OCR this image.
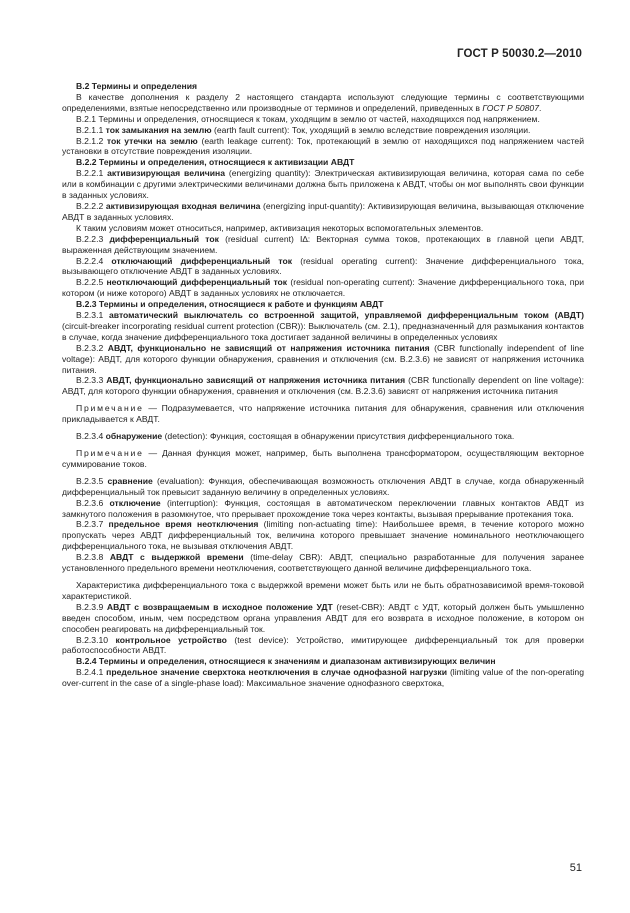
ГОСТ Р 50030.2—2010

B.2 Термины и определения

В качестве дополнения к разделу 2 настоящего стандарта используют следующие термины с соответствующими определениями, взятые непосредственно или производные от терминов и определений, приведенных в ГОСТ Р 50807.

B.2.1 Термины и определения, относящиеся к токам, уходящим в землю от частей, находящихся под напряжением.

B.2.1.1 ток замыкания на землю (earth fault current): Ток, уходящий в землю вследствие повреждения изоляции.

B.2.1.2 ток утечки на землю (earth leakage current): Ток, протекающий в землю от находящихся под напряжением частей установки в отсутствие повреждения изоляции.

B.2.2 Термины и определения, относящиеся к активизации АВДТ

B.2.2.1 активизирующая величина (energizing quantity): Электрическая активизирующая величина, которая сама по себе или в комбинации с другими электрическими величинами должна быть приложена к АВДТ, чтобы он мог выполнять свои функции в заданных условиях.

B.2.2.2 активизирующая входная величина (energizing input-quantity): Активизирующая величина, вызывающая отключение АВДТ в заданных условиях.

К таким условиям может относиться, например, активизация некоторых вспомогательных элементов.

B.2.2.3 дифференциальный ток (residual current) I∆: Векторная сумма токов, протекающих в главной цепи АВДТ, выраженная действующим значением.

B.2.2.4 отключающий дифференциальный ток (residual operating current): Значение дифференциального тока, вызывающего отключение АВДТ в заданных условиях.

B.2.2.5 неотключающий дифференциальный ток (residual non-operating current): Значение дифференциального тока, при котором (и ниже которого) АВДТ в заданных условиях не отключается.

B.2.3 Термины и определения, относящиеся к работе и функциям АВДТ

B.2.3.1 автоматический выключатель со встроенной защитой, управляемой дифференциальным током (АВДТ) (circuit-breaker incorporating residual current protection (CBR)): Выключатель (см. 2.1), предназначенный для размыкания контактов в случае, когда значение дифференциального тока достигает заданной величины в определенных условиях

B.2.3.2 АВДТ, функционально не зависящий от напряжения источника питания (CBR functionally independent of line voltage): АВДТ, для которого функции обнаружения, сравнения и отключения (см. B.2.3.6) не зависят от напряжения источника питания.

B.2.3.3 АВДТ, функционально зависящий от напряжения источника питания (CBR functionally dependent on line voltage): АВДТ, для которого функции обнаружения, сравнения и отключения (см. B.2.3.6) зависят от напряжения источника питания

Примечание — Подразумевается, что напряжение источника питания для обнаружения, сравнения или отключения прикладывается к АВДТ.

B.2.3.4 обнаружение (detection): Функция, состоящая в обнаружении присутствия дифференциального тока.

Примечание — Данная функция может, например, быть выполнена трансформатором, осуществляющим векторное суммирование токов.

B.2.3.5 сравнение (evaluation): Функция, обеспечивающая возможность отключения АВДТ в случае, когда обнаруженный дифференциальный ток превысит заданную величину в определенных условиях.

B.2.3.6 отключение (interruption): Функция, состоящая в автоматическом переключении главных контактов АВДТ из замкнутого положения в разомкнутое, что прерывает прохождение тока через контакты, вызывая прерывание протекания тока.

B.2.3.7 предельное время неотключения (limiting non-actuating time): Наибольшее время, в течение которого можно пропускать через АВДТ дифференциальный ток, величина которого превышает значение номинального неотключающего дифференциального тока, не вызывая отключения АВДТ.

B.2.3.8 АВДТ с выдержкой времени (time-delay CBR): АВДТ, специально разработанные для получения заранее установленного предельного времени неотключения, соответствующего данной величине дифференциального тока.

Характеристика дифференциального тока с выдержкой времени может быть или не быть обратнозависимой время-токовой характеристикой.

B.2.3.9 АВДТ с возвращаемым в исходное положение УДТ (reset-CBR): АВДТ с УДТ, который должен быть умышленно введен способом, иным, чем посредством органа управления АВДТ для его возврата в исходное положение, в котором он способен реагировать на дифференциальный ток.

B.2.3.10 контрольное устройство (test device): Устройство, имитирующее дифференциальный ток для проверки работоспособности АВДТ.

B.2.4 Термины и определения, относящиеся к значениям и диапазонам активизирующих величин

B.2.4.1 предельное значение сверхтока неотключения в случае однофазной нагрузки (limiting value of the non-operating over-current in the case of a single-phase load): Максимальное значение однофазного сверхтока,

51
